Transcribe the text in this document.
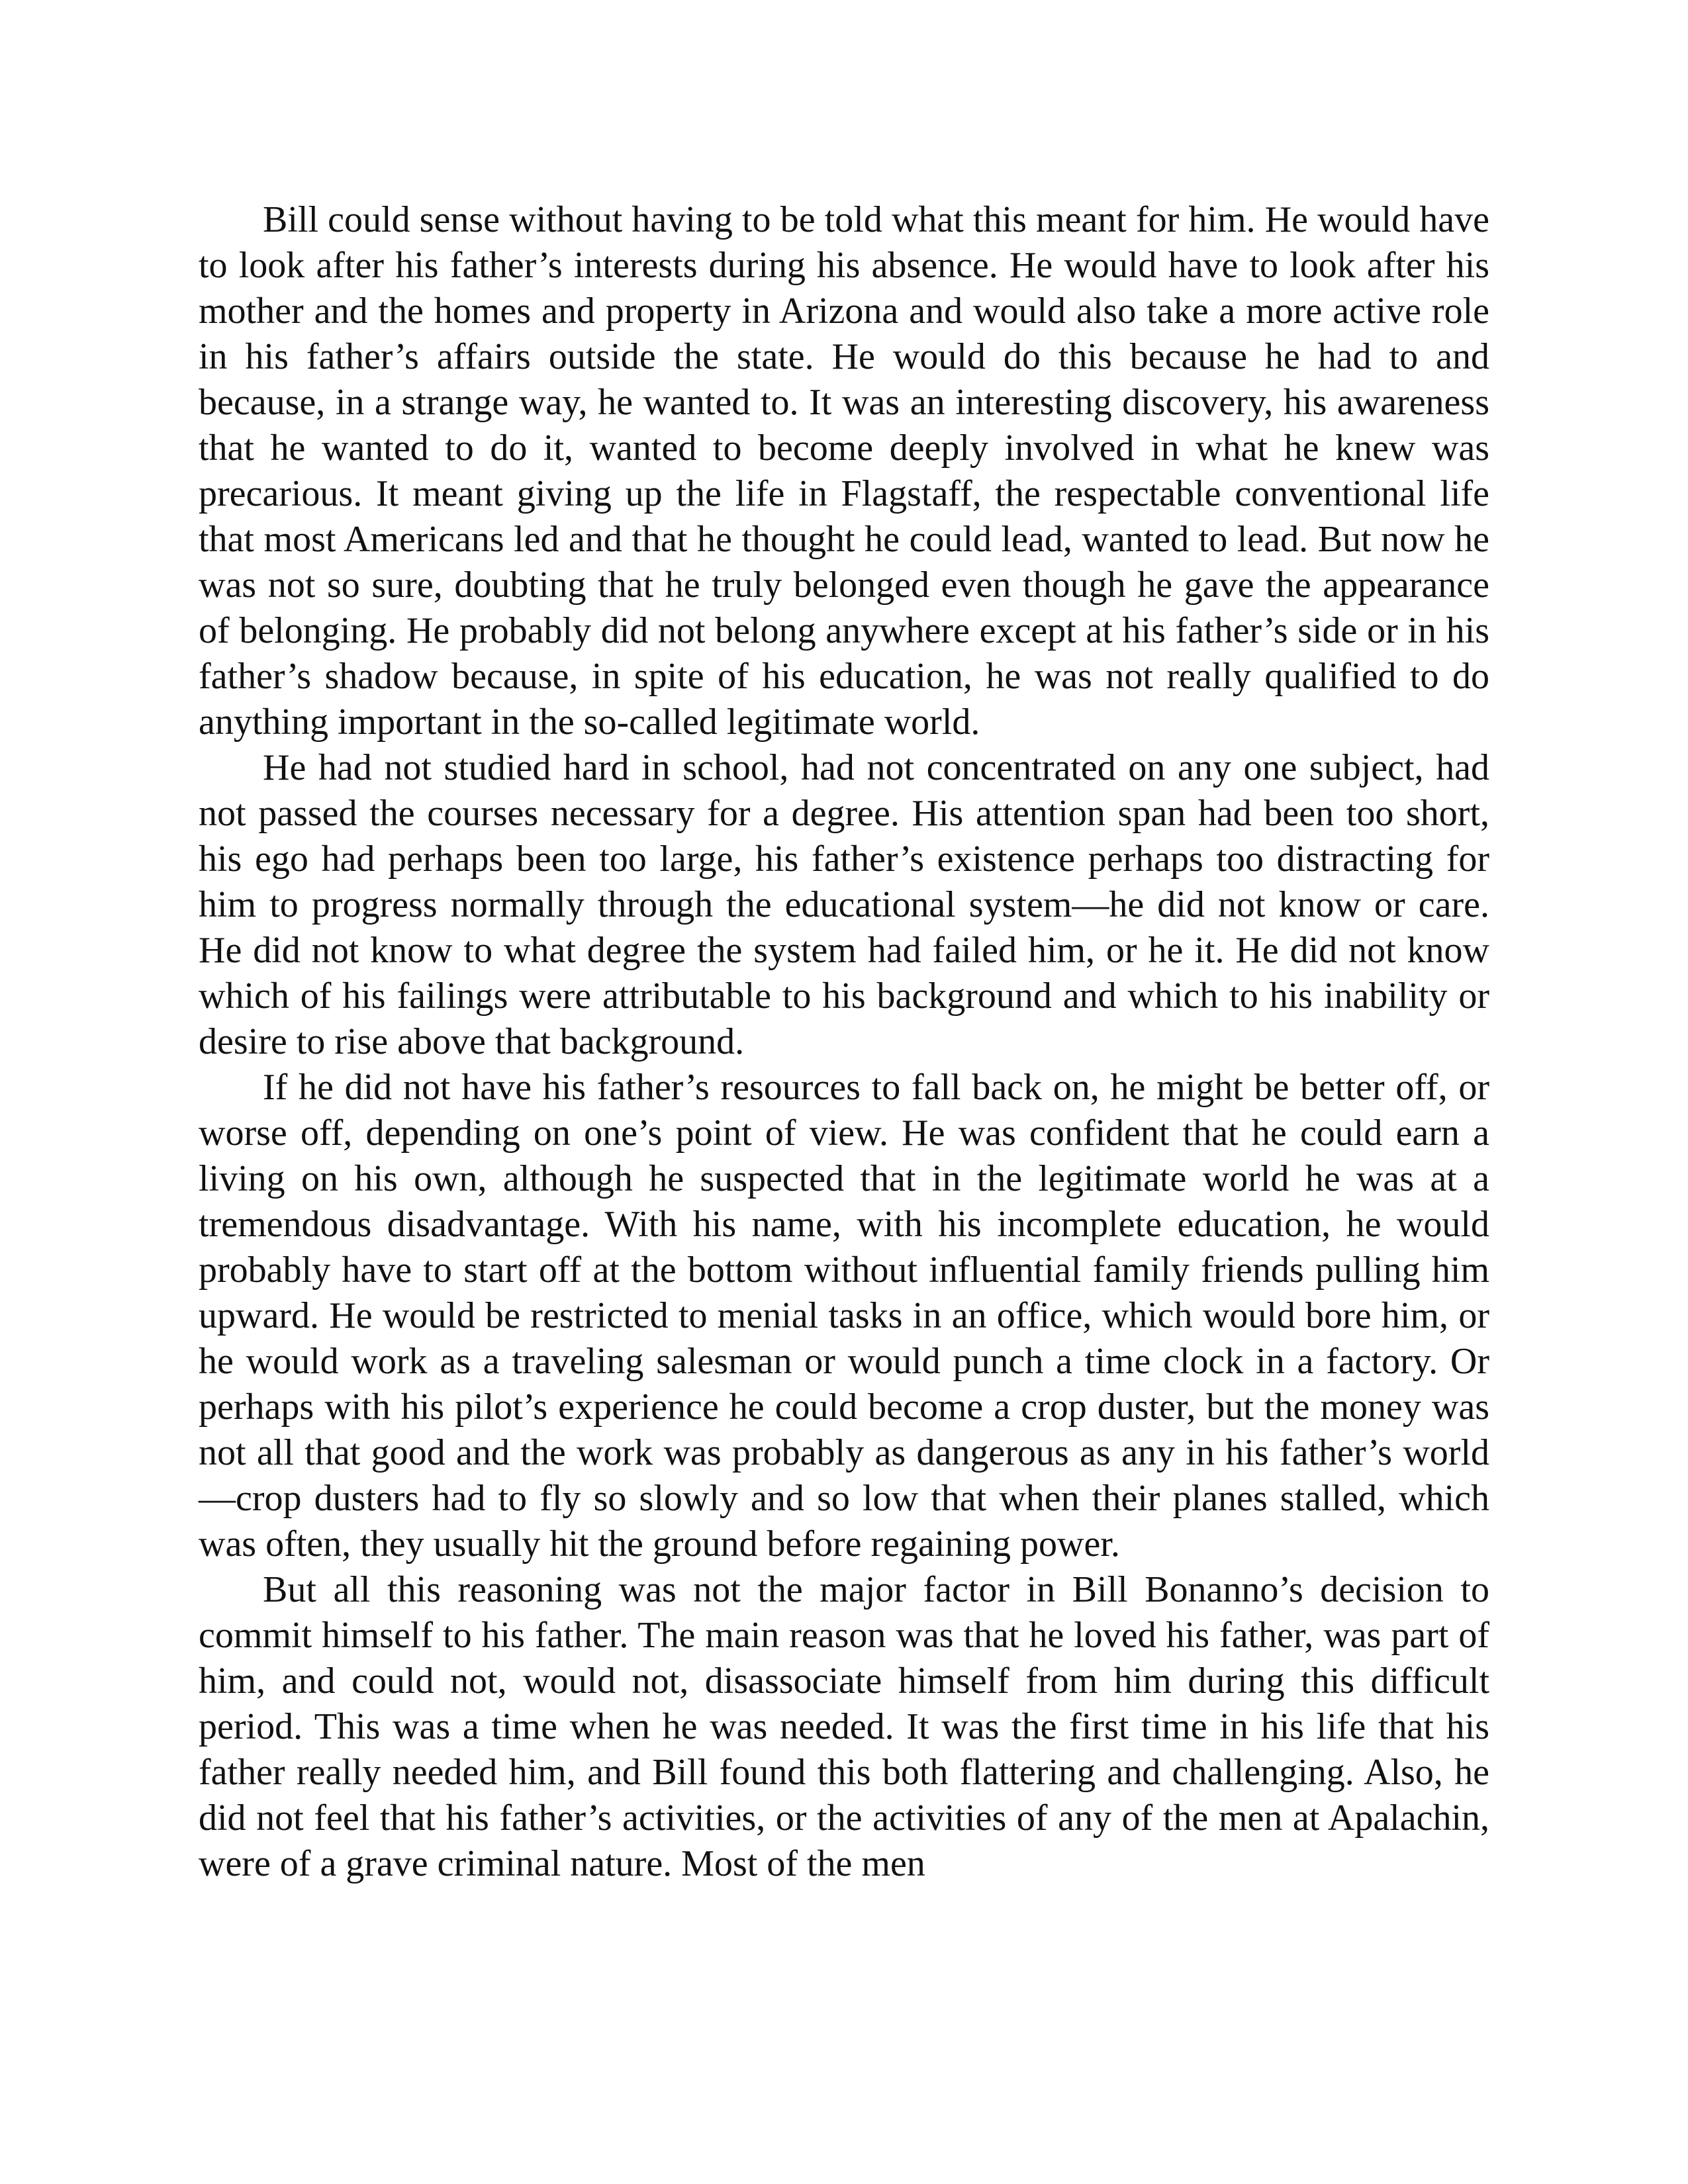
Bill could sense without having to be told what this meant for him. He would have to look after his father’s interests during his absence. He would have to look after his mother and the homes and property in Arizona and would also take a more active role in his father’s affairs outside the state. He would do this because he had to and because, in a strange way, he wanted to. It was an interesting discovery, his awareness that he wanted to do it, wanted to become deeply involved in what he knew was precarious. It meant giving up the life in Flagstaff, the respectable conventional life that most Americans led and that he thought he could lead, wanted to lead. But now he was not so sure, doubting that he truly belonged even though he gave the appearance of belonging. He probably did not belong anywhere except at his father’s side or in his father’s shadow because, in spite of his education, he was not really qualified to do anything important in the so-called legitimate world.

He had not studied hard in school, had not concentrated on any one subject, had not passed the courses necessary for a degree. His attention span had been too short, his ego had perhaps been too large, his father’s existence perhaps too distracting for him to progress normally through the educational system—he did not know or care. He did not know to what degree the system had failed him, or he it. He did not know which of his failings were attributable to his background and which to his inability or desire to rise above that background.

If he did not have his father’s resources to fall back on, he might be better off, or worse off, depending on one’s point of view. He was confident that he could earn a living on his own, although he suspected that in the legitimate world he was at a tremendous disadvantage. With his name, with his incomplete education, he would probably have to start off at the bottom without influential family friends pulling him upward. He would be restricted to menial tasks in an office, which would bore him, or he would work as a traveling salesman or would punch a time clock in a factory. Or perhaps with his pilot’s experience he could become a crop duster, but the money was not all that good and the work was probably as dangerous as any in his father’s world—crop dusters had to fly so slowly and so low that when their planes stalled, which was often, they usually hit the ground before regaining power.

But all this reasoning was not the major factor in Bill Bonanno’s decision to commit himself to his father. The main reason was that he loved his father, was part of him, and could not, would not, disassociate himself from him during this difficult period. This was a time when he was needed. It was the first time in his life that his father really needed him, and Bill found this both flattering and challenging. Also, he did not feel that his father’s activities, or the activities of any of the men at Apalachin, were of a grave criminal nature. Most of the men
